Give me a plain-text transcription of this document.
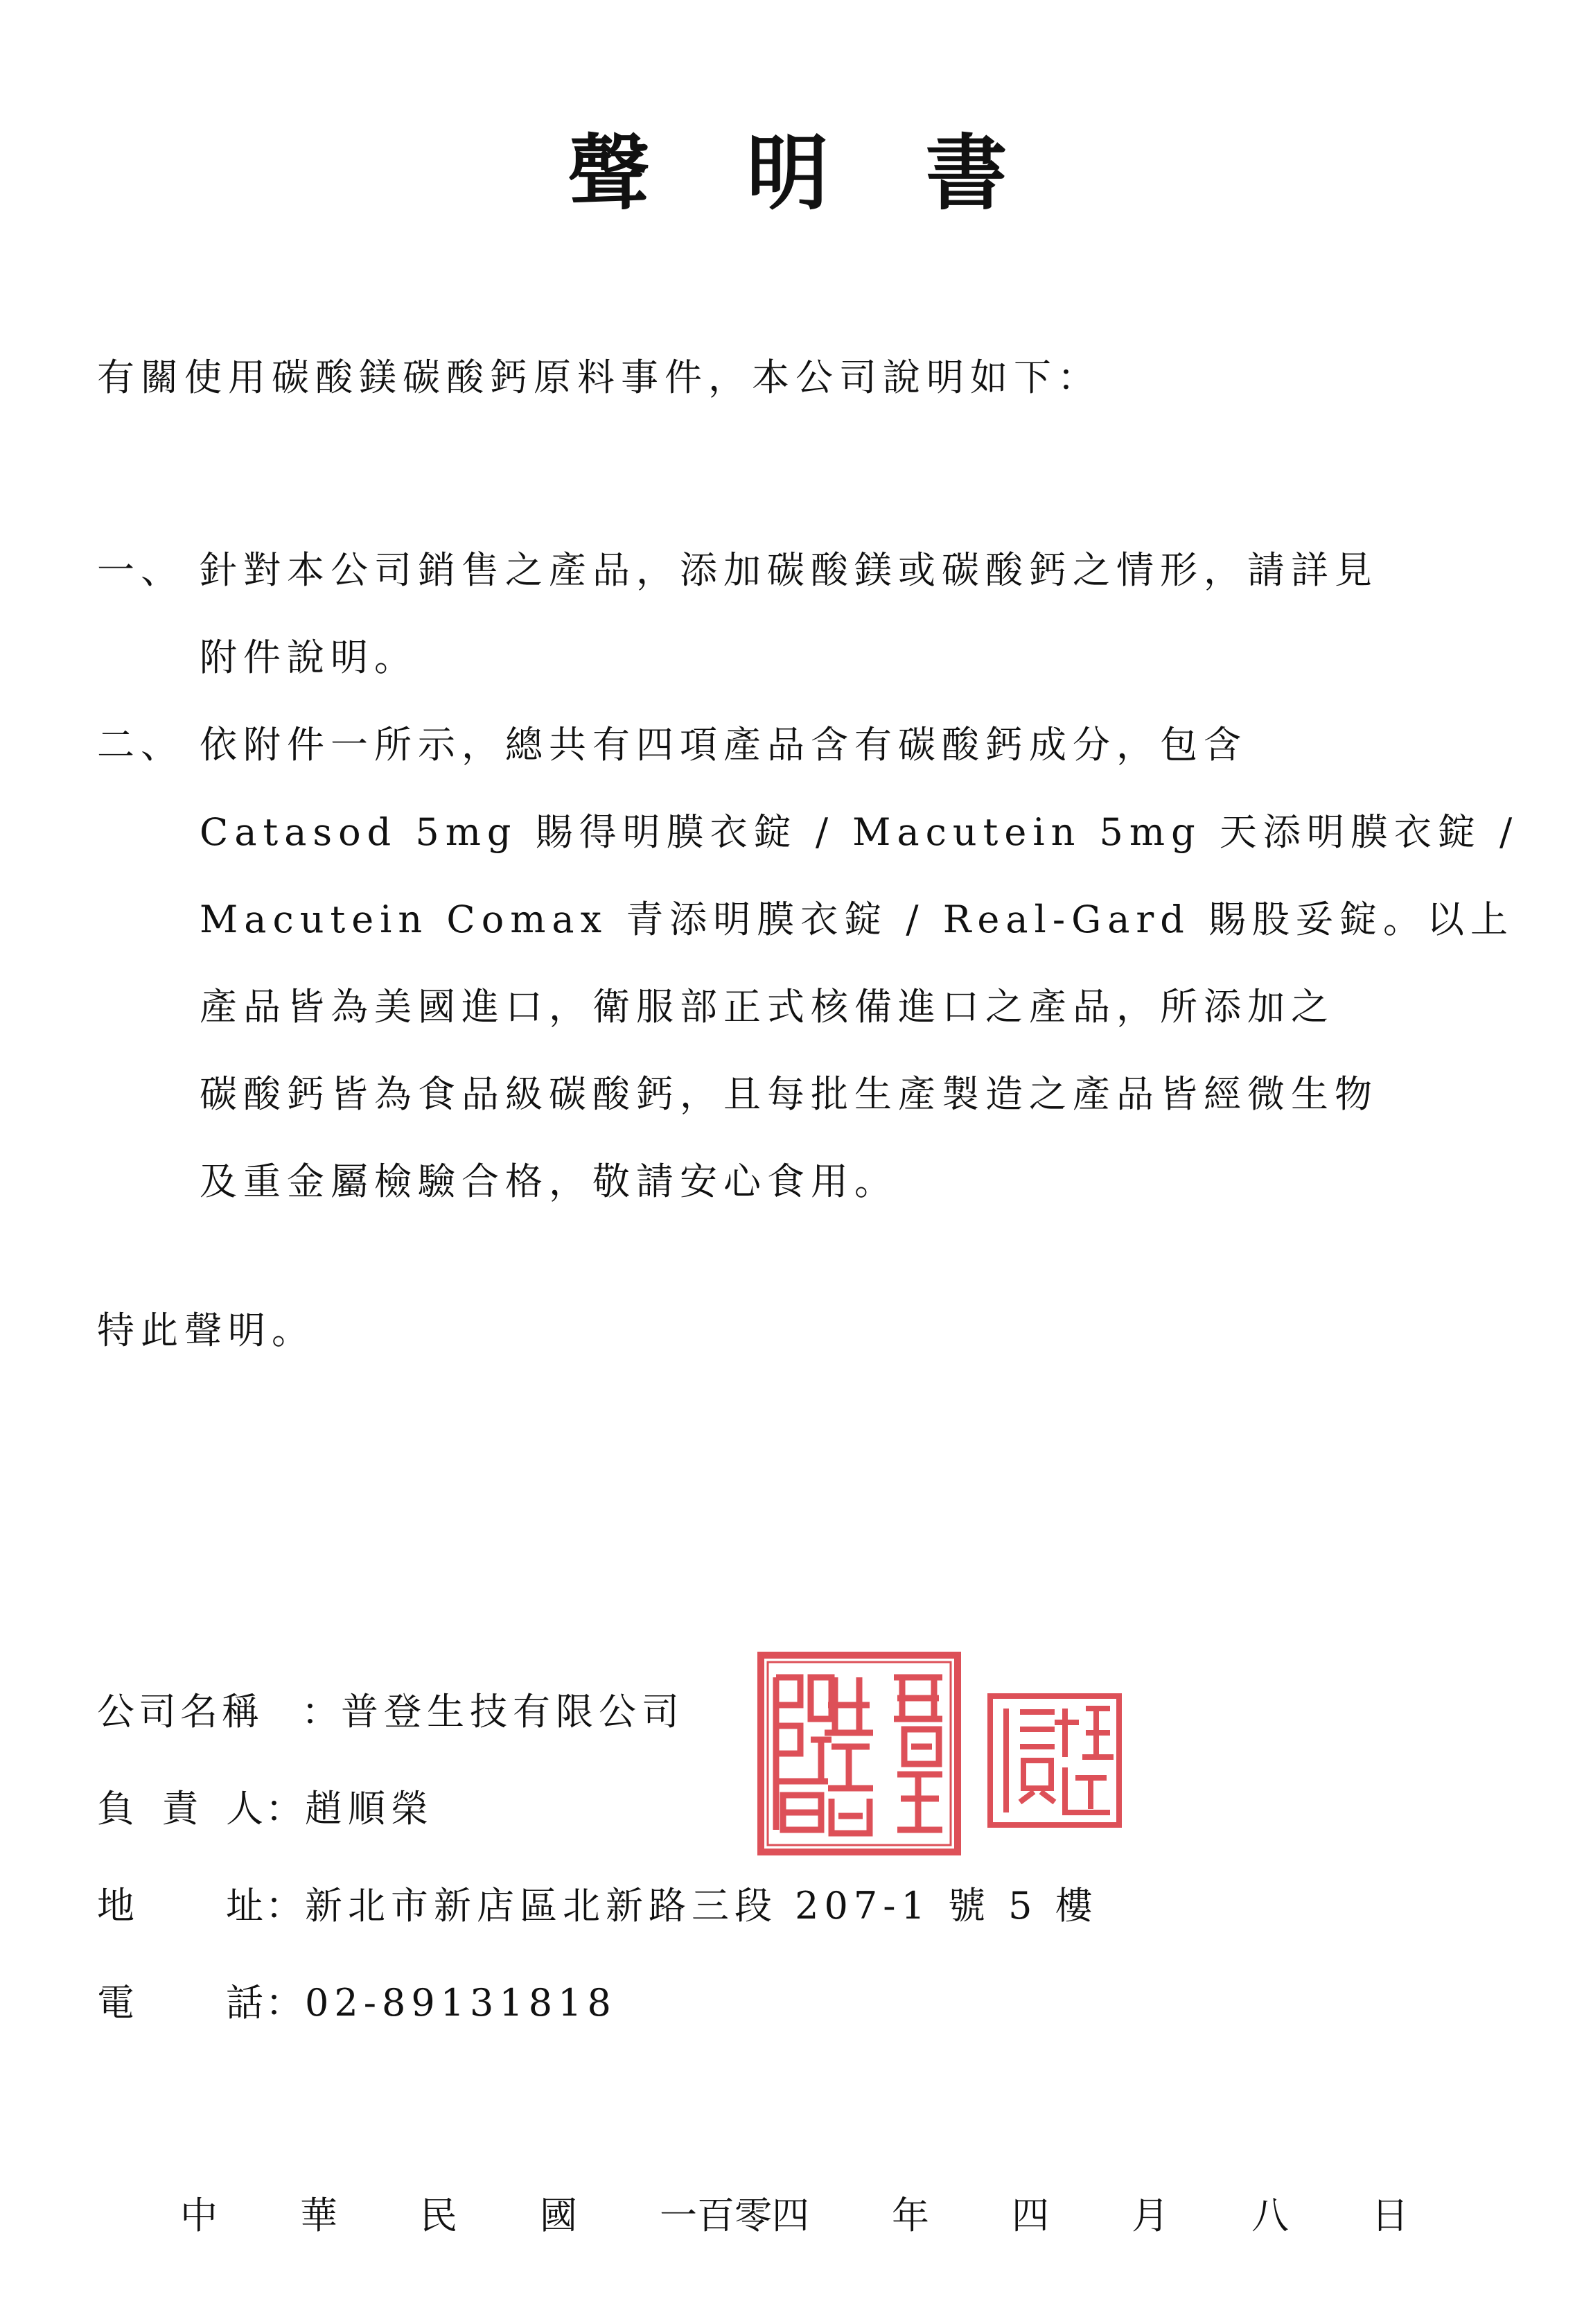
聲明書
有關使用碳酸鎂碳酸鈣原料事件，本公司說明如下：
一、 針對本公司銷售之產品，添加碳酸鎂或碳酸鈣之情形，請詳見
附件說明。
二、 依附件一所示，總共有四項產品含有碳酸鈣成分，包含
Catasod 5mg 賜得明膜衣錠 / Macutein 5mg 天添明膜衣錠 /
Macutein Comax 青添明膜衣錠 / Real-Gard 賜股妥錠。以上
產品皆為美國進口，衛服部正式核備進口之產品，所添加之
碳酸鈣皆為食品級碳酸鈣，且每批生產製造之產品皆經微生物
及重金屬檢驗合格，敬請安心食用。
特此聲明。
公司名稱	： 普登生技有限公司
負 責 人 ： 趙順榮
地 址 ： 新北市新店區北新路三段 207-1 號 5 樓
電 話 ： 02-89131818
中 華 民 國 一百零四 年 四 月 八 日
